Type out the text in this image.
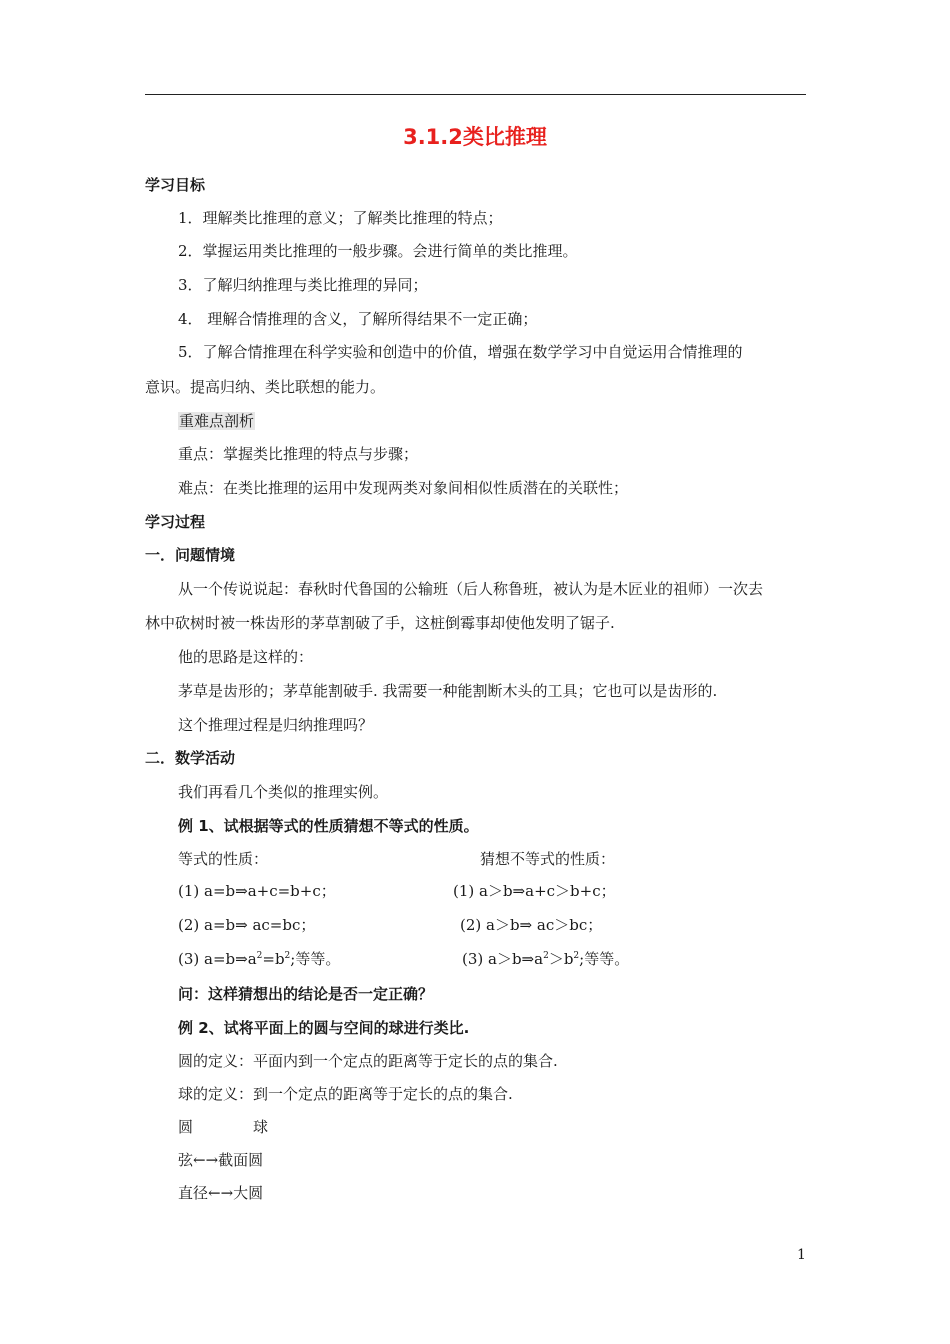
3.1.2类比推理
学习目标
1．理解类比推理的意义；了解类比推理的特点；
2．掌握运用类比推理的一般步骤。会进行简单的类比推理。
3．了解归纳推理与类比推理的异同；
4． 理解合情推理的含义，了解所得结果不一定正确；
5．了解合情推理在科学实验和创造中的价值，增强在数学学习中自觉运用合情推理的
意识。提高归纳、类比联想的能力。
重难点剖析
重点：掌握类比推理的特点与步骤；
难点：在类比推理的运用中发现两类对象间相似性质潜在的关联性；
学习过程
一．问题情境
从一个传说说起：春秋时代鲁国的公输班（后人称鲁班，被认为是木匠业的祖师）一次去
林中砍树时被一株齿形的茅草割破了手，这桩倒霉事却使他发明了锯子.
他的思路是这样的：
茅草是齿形的；茅草能割破手. 我需要一种能割断木头的工具；它也可以是齿形的.
这个推理过程是归纳推理吗？
二．数学活动
我们再看几个类似的推理实例。
例 1、试根据等式的性质猜想不等式的性质。
等式的性质：	猜想不等式的性质：
(1) a=b⇒a+c=b+c；	(1) a＞b⇒a+c＞b+c；
(2) a=b⇒ ac=bc；	(2) a＞b⇒ ac＞bc；
(3) $a=b\Rightarrow a^2=b^2$;等等。	(3) $a>b\Rightarrow a^2>b^2$;等等。
问：这样猜想出的结论是否一定正确？
例 2、试将平面上的圆与空间的球进行类比.
圆的定义：平面内到一个定点的距离等于定长的点的集合.
球的定义：到一个定点的距离等于定长的点的集合.
圆	球
弦←→截面圆
直径←→大圆
1
